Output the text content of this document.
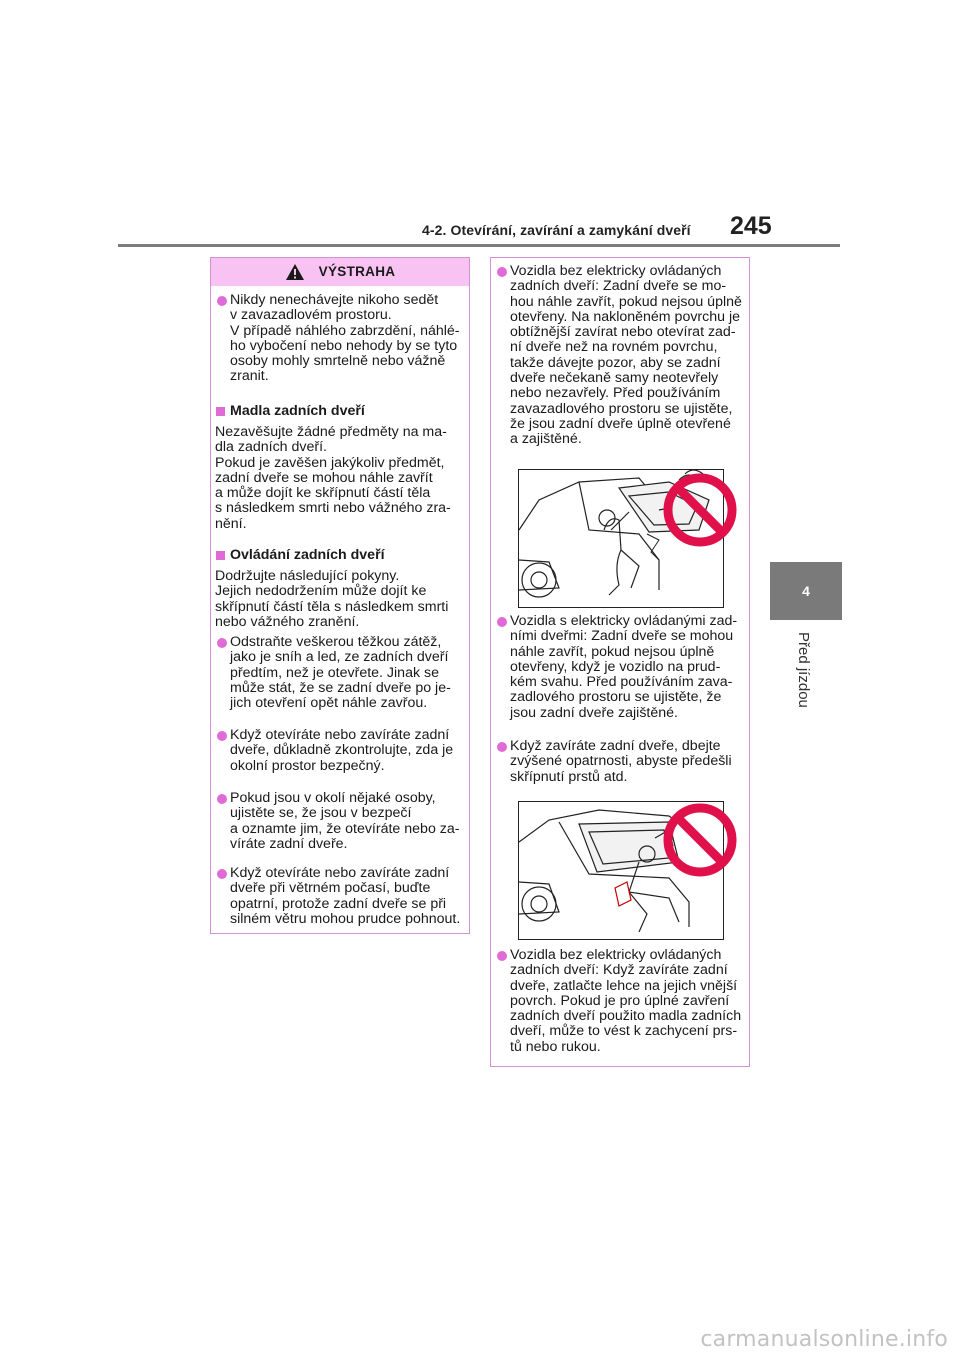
4-2. Otevírání, zavírání a zamykání dveří	245
4
Před jízdou
VÝSTRAHA

Nikdy nenechávejte nikoho sedět
v zavazadlovém prostoru.
V případě náhlého zabrzdění, náhlé-
ho vybočení nebo nehody by se tyto
osoby mohly smrtelně nebo vážně
zranit.

Madla zadních dveří

Nezavěšujte žádné předměty na ma-
dla zadních dveří.
Pokud je zavěšen jakýkoliv předmět,
zadní dveře se mohou náhle zavřít
a může dojít ke skřípnutí částí těla
s následkem smrti nebo vážného zra-
nění.

Ovládání zadních dveří

Dodržujte následující pokyny.
Jejich nedodržením může dojít ke
skřípnutí částí těla s následkem smrti
nebo vážného zranění.

Odstraňte veškerou těžkou zátěž,
jako je sníh a led, ze zadních dveří
předtím, než je otevřete. Jinak se
může stát, že se zadní dveře po je-
jich otevření opět náhle zavřou.

Když otevíráte nebo zavíráte zadní
dveře, důkladně zkontrolujte, zda je
okolní prostor bezpečný.

Pokud jsou v okolí nějaké osoby,
ujistěte se, že jsou v bezpečí
a oznamte jim, že otevíráte nebo za-
víráte zadní dveře.

Když otevíráte nebo zavíráte zadní
dveře při větrném počasí, buďte
opatrní, protože zadní dveře se při
silném větru mohou prudce pohnout.

Vozidla bez elektricky ovládaných
zadních dveří: Zadní dveře se mo-
hou náhle zavřít, pokud nejsou úplně
otevřeny. Na nakloněném povrchu je
obtížnější zavírat nebo otevírat zad-
ní dveře než na rovném povrchu,
takže dávejte pozor, aby se zadní
dveře nečekaně samy neotevřely
nebo nezavřely. Před používáním
zavazadlového prostoru se ujistěte,
že jsou zadní dveře úplně otevřené
a zajištěné.

Vozidla s elektricky ovládanými zad-
ními dveřmi: Zadní dveře se mohou
náhle zavřít, pokud nejsou úplně
otevřeny, když je vozidlo na prud-
kém svahu. Před používáním zava-
zadlového prostoru se ujistěte, že
jsou zadní dveře zajištěné.

Když zavíráte zadní dveře, dbejte
zvýšené opatrnosti, abyste předešli
skřípnutí prstů atd.

Vozidla bez elektricky ovládaných
zadních dveří: Když zavíráte zadní
dveře, zatlačte lehce na jejich vnější
povrch. Pokud je pro úplné zavření
zadních dveří použito madla zadních
dveří, může to vést k zachycení prs-
tů nebo rukou.

carmanualsonline.info
